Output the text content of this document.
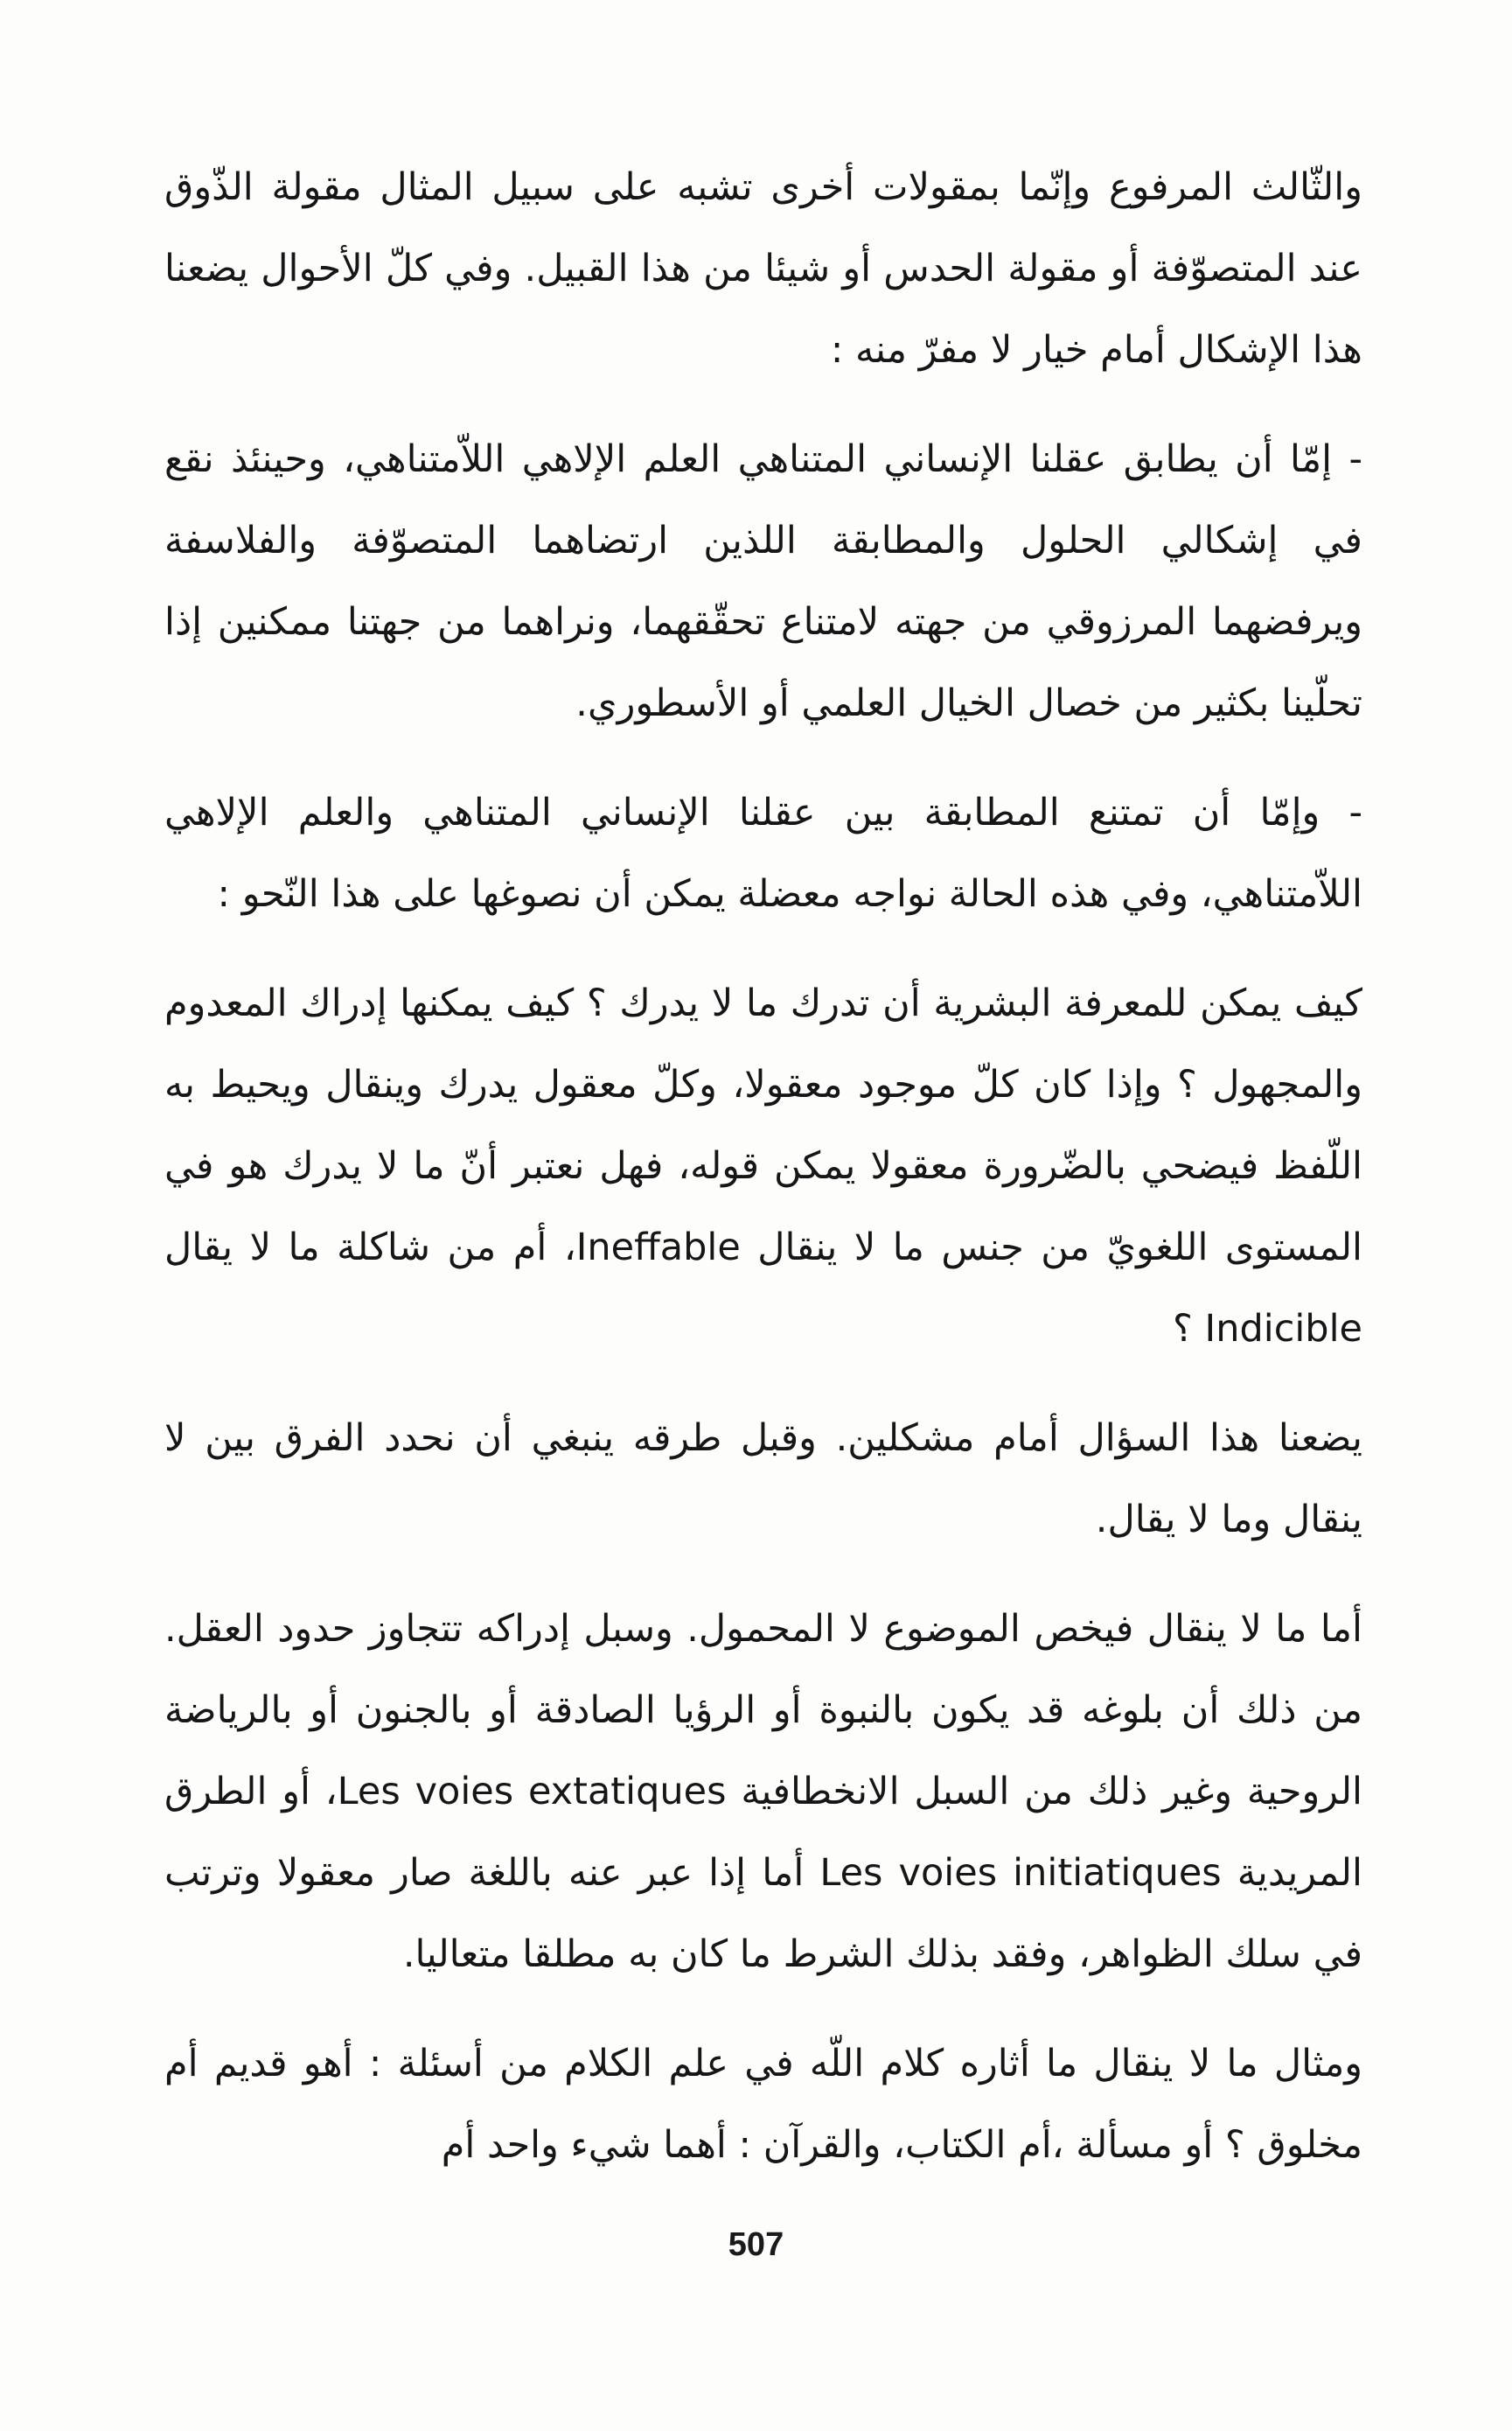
والثّالث المرفوع وإنّما بمقولات أخرى تشبه على سبيل المثال مقولة الذّوق عند المتصوّفة أو مقولة الحدس أو شيئا من هذا القبيل. وفي كلّ الأحوال يضعنا هذا الإشكال أمام خيار لا مفرّ منه :

- إمّا أن يطابق عقلنا الإنساني المتناهي العلم الإلاهي اللاّمتناهي، وحينئذ نقع في إشكالي الحلول والمطابقة اللذين ارتضاهما المتصوّفة والفلاسفة ويرفضهما المرزوقي من جهته لامتناع تحقّقهما، ونراهما من جهتنا ممكنين إذا تحلّينا بكثير من خصال الخيال العلمي أو الأسطوري.

- وإمّا أن تمتنع المطابقة بين عقلنا الإنساني المتناهي والعلم الإلاهي اللاّمتناهي، وفي هذه الحالة نواجه معضلة يمكن أن نصوغها على هذا النّحو :

كيف يمكن للمعرفة البشرية أن تدرك ما لا يدرك ؟ كيف يمكنها إدراك المعدوم والمجهول ؟ وإذا كان كلّ موجود معقولا، وكلّ معقول يدرك وينقال ويحيط به اللّفظ فيضحي بالضّرورة معقولا يمكن قوله، فهل نعتبر أنّ ما لا يدرك هو في المستوى اللغويّ من جنس ما لا ينقال Ineffable، أم من شاكلة ما لا يقال Indicible ؟

يضعنا هذا السؤال أمام مشكلين. وقبل طرقه ينبغي أن نحدد الفرق بين لا ينقال وما لا يقال.

أما ما لا ينقال فيخص الموضوع لا المحمول. وسبل إدراكه تتجاوز حدود العقل. من ذلك أن بلوغه قد يكون بالنبوة أو الرؤيا الصادقة أو بالجنون أو بالرياضة الروحية وغير ذلك من السبل الانخطافية Les voies extatiques، أو الطرق المريدية Les voies initiatiques أما إذا عبر عنه باللغة صار معقولا وترتب في سلك الظواهر، وفقد بذلك الشرط ما كان به مطلقا متعاليا.

ومثال ما لا ينقال ما أثاره كلام اللّه في علم الكلام من أسئلة : أهو قديم أم مخلوق ؟ أو مسألة ،أم الكتاب، والقرآن : أهما شيء واحد أم

507
